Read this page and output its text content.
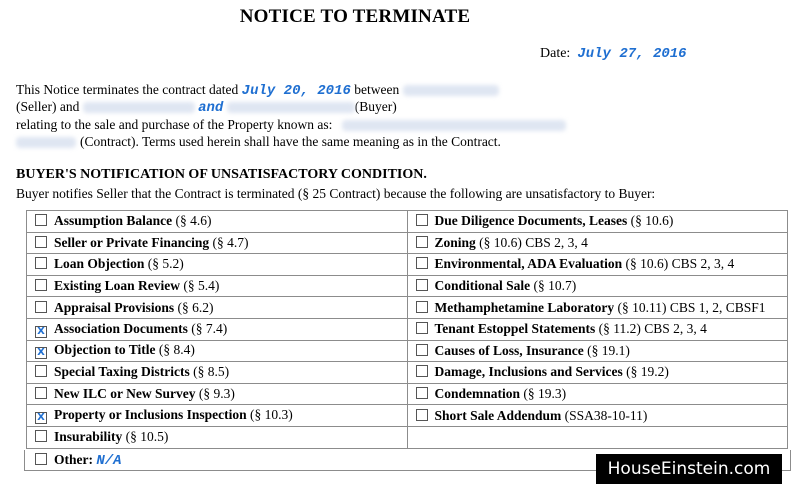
NOTICE TO TERMINATE
Date: July 27, 2016
This Notice terminates the contract dated July 20, 2016 between
(Seller) and	and	(Buyer)
relating to the sale and purchase of the Property known as:
(Contract). Terms used herein shall have the same meaning as in the Contract.
BUYER'S NOTIFICATION OF UNSATISFACTORY CONDITION.
Buyer notifies Seller that the Contract is terminated (§ 25 Contract) because the following are unsatisfactory to Buyer:
Assumption Balance (§ 4.6)	Due Diligence Documents, Leases (§ 10.6)
Seller or Private Financing (§ 4.7)	Zoning (§ 10.6) CBS 2, 3, 4
Loan Objection (§ 5.2)	Environmental, ADA Evaluation (§ 10.6) CBS 2, 3, 4
Existing Loan Review (§ 5.4)	Conditional Sale (§ 10.7)
Appraisal Provisions (§ 6.2)	Methamphetamine Laboratory (§ 10.11) CBS 1, 2, CBSF1
X Association Documents (§ 7.4)	Tenant Estoppel Statements (§ 11.2) CBS 2, 3, 4
X Objection to Title (§ 8.4)	Causes of Loss, Insurance (§ 19.1)
Special Taxing Districts (§ 8.5)	Damage, Inclusions and Services (§ 19.2)
New ILC or New Survey (§ 9.3)	Condemnation (§ 19.3)
X Property or Inclusions Inspection (§ 10.3)	Short Sale Addendum (SSA38-10-11)
Insurability (§ 10.5)	
Other: N/A	HouseEinstein.com
